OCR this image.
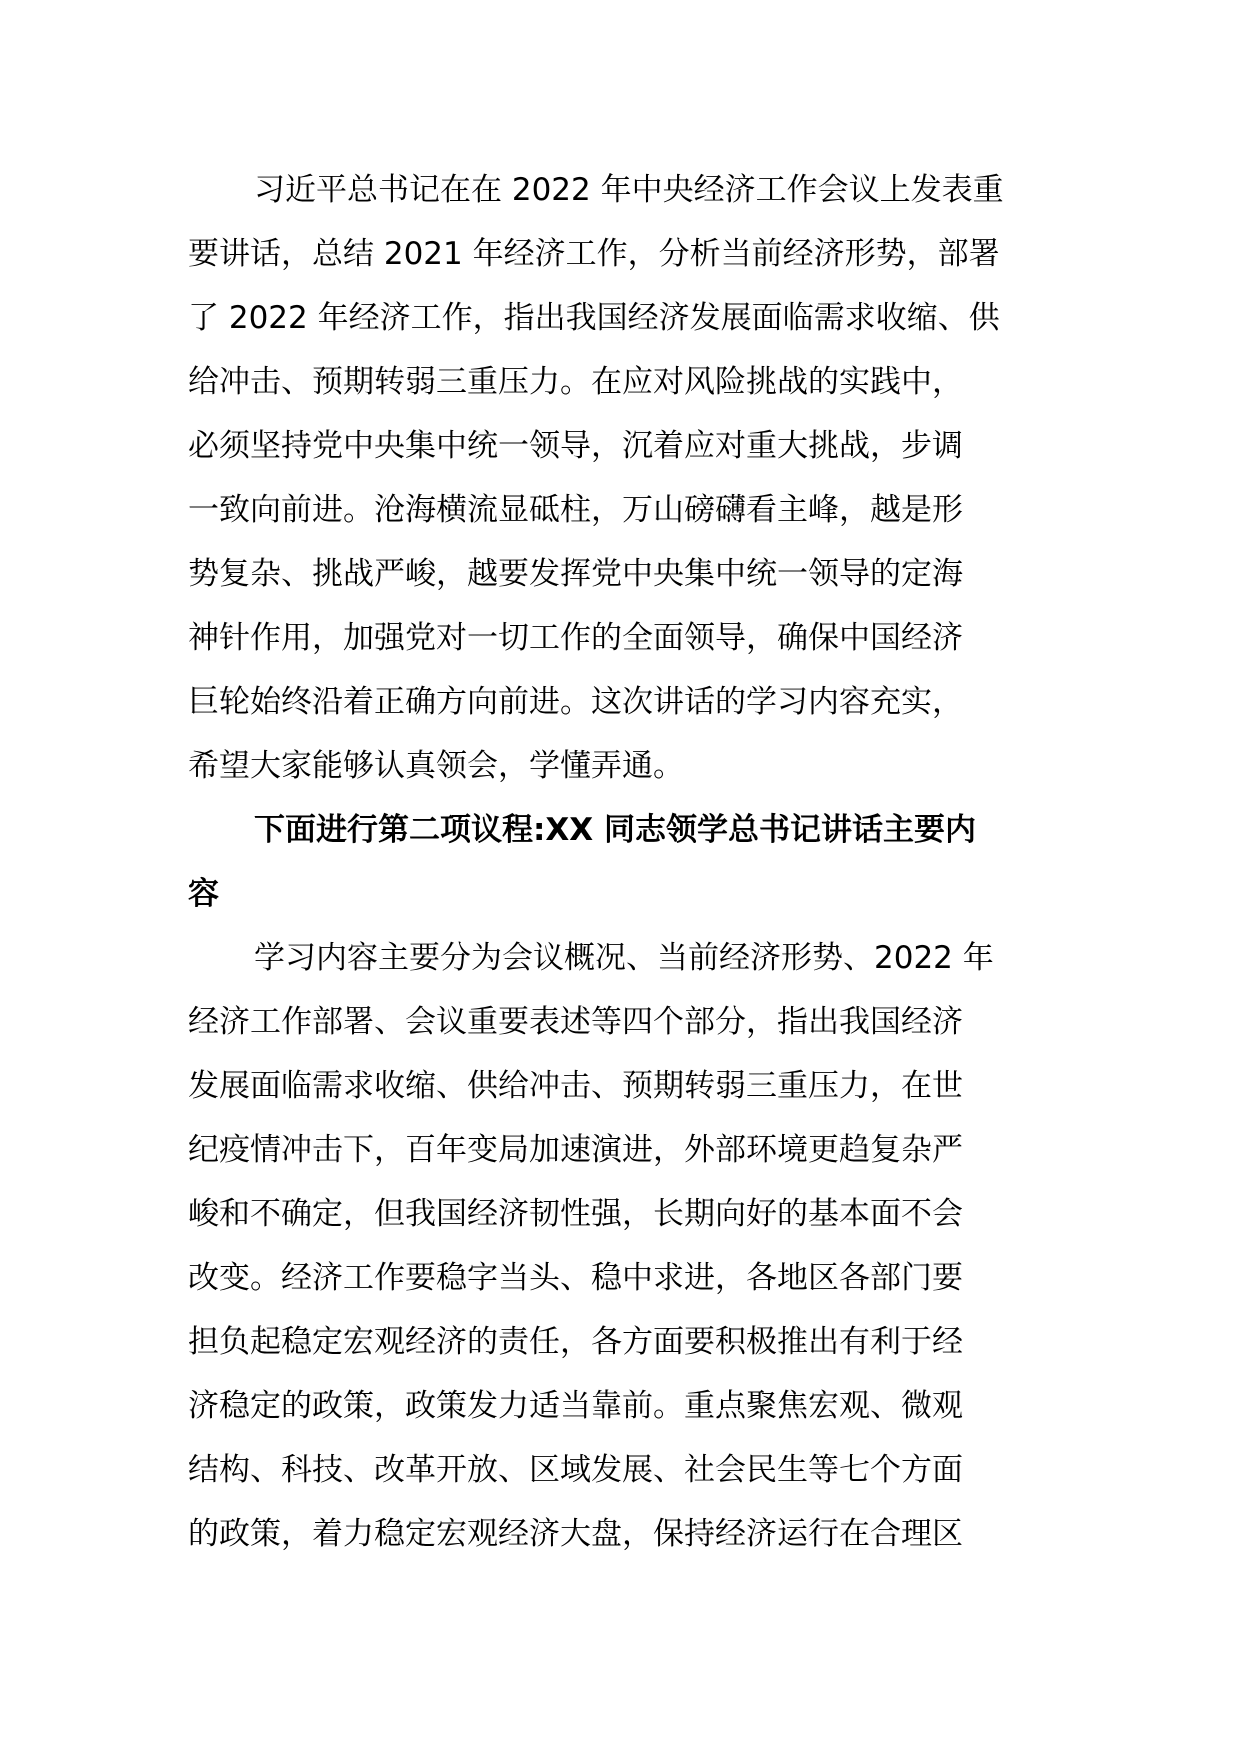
习近平总书记在在 2022 年中央经济工作会议上发表重
要讲话，总结 2021 年经济工作，分析当前经济形势，部署
了 2022 年经济工作，指出我国经济发展面临需求收缩、供
给冲击、预期转弱三重压力。在应对风险挑战的实践中，
必须坚持党中央集中统一领导，沉着应对重大挑战，步调
一致向前进。沧海横流显砥柱，万山磅礴看主峰，越是形
势复杂、挑战严峻，越要发挥党中央集中统一领导的定海
神针作用，加强党对一切工作的全面领导，确保中国经济
巨轮始终沿着正确方向前进。这次讲话的学习内容充实，
希望大家能够认真领会，学懂弄通。
下面进行第二项议程:XX 同志领学总书记讲话主要内
容
学习内容主要分为会议概况、当前经济形势、2022 年
经济工作部署、会议重要表述等四个部分，指出我国经济
发展面临需求收缩、供给冲击、预期转弱三重压力，在世
纪疫情冲击下，百年变局加速演进，外部环境更趋复杂严
峻和不确定，但我国经济韧性强，长期向好的基本面不会
改变。经济工作要稳字当头、稳中求进，各地区各部门要
担负起稳定宏观经济的责任，各方面要积极推出有利于经
济稳定的政策，政策发力适当靠前。重点聚焦宏观、微观
结构、科技、改革开放、区域发展、社会民生等七个方面
的政策，着力稳定宏观经济大盘，保持经济运行在合理区
